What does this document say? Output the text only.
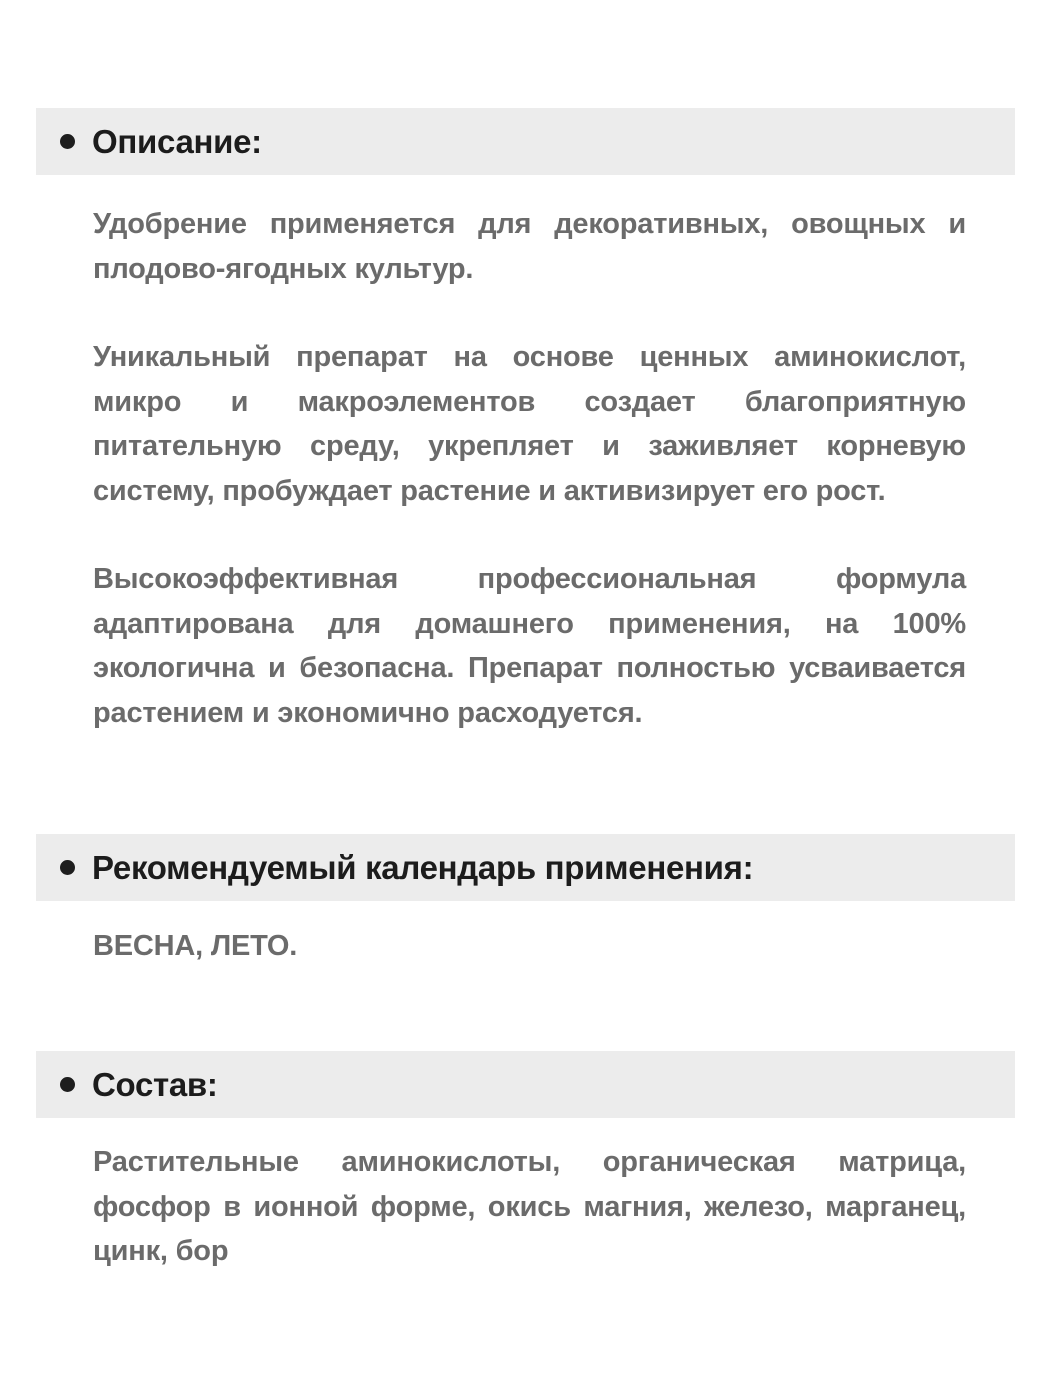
Описание:

Удобрение применяется для декоративных, овощных и плодово-ягодных культур.

Уникальный препарат на основе ценных аминокислот, микро и макроэлементов создает благоприятную питательную среду, укрепляет и заживляет корневую систему, пробуждает растение и активизирует его рост.

Высокоэффективная профессиональная формула адаптирована для домашнего применения, на 100% экологична и безопасна. Препарат полностью усваивается растением и экономично расходуется.

Рекомендуемый календарь применения:

ВЕСНА, ЛЕТО.

Состав:

Растительные аминокислоты, органическая матрица, фосфор в ионной форме, окись магния, железо, марганец, цинк, бор
